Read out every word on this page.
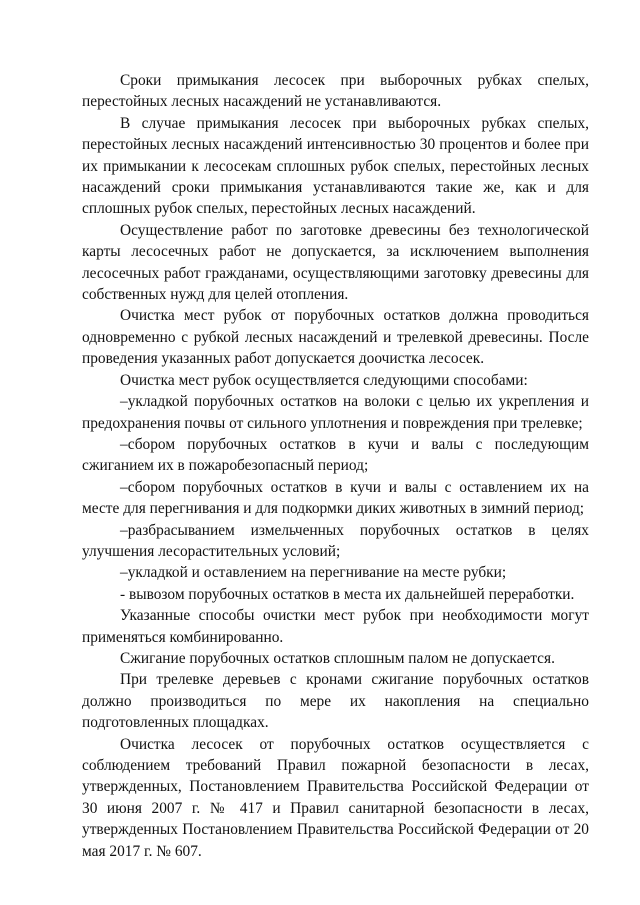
Сроки примыкания лесосек при выборочных рубках спелых, перестойных лесных насаждений не устанавливаются.

В случае примыкания лесосек при выборочных рубках спелых, перестойных лесных насаждений интенсивностью 30 процентов и более при их примыкании к лесосекам сплошных рубок спелых, перестойных лесных насаждений сроки примыкания устанавливаются такие же, как и для сплошных рубок спелых, перестойных лесных насаждений.

Осуществление работ по заготовке древесины без технологической карты лесосечных работ не допускается, за исключением выполнения лесосечных работ гражданами, осуществляющими заготовку древесины для собственных нужд для целей отопления.

Очистка мест рубок от порубочных остатков должна проводиться одновременно с рубкой лесных насаждений и трелевкой древесины. После проведения указанных работ допускается доочистка лесосек.

Очистка мест рубок осуществляется следующими способами:

–укладкой порубочных остатков на волоки с целью их укрепления и предохранения почвы от сильного уплотнения и повреждения при трелевке;

–сбором порубочных остатков в кучи и валы с последующим сжиганием их в пожаробезопасный период;

–сбором порубочных остатков в кучи и валы с оставлением их на месте для перегнивания и для подкормки диких животных в зимний период;

–разбрасыванием измельченных порубочных остатков в целях улучшения лесорастительных условий;

–укладкой и оставлением на перегнивание на месте рубки;

- вывозом порубочных остатков в места их дальнейшей переработки.

Указанные способы очистки мест рубок при необходимости могут применяться комбинированно.

Сжигание порубочных остатков сплошным палом не допускается.

При трелевке деревьев с кронами сжигание порубочных остатков должно производиться по мере их накопления на специально подготовленных площадках.

Очистка лесосек от порубочных остатков осуществляется с соблюдением требований Правил пожарной безопасности в лесах, утвержденных, Постановлением Правительства Российской Федерации от 30 июня 2007 г. № 417 и Правил санитарной безопасности в лесах, утвержденных Постановлением Правительства Российской Федерации от 20 мая 2017 г. № 607.
